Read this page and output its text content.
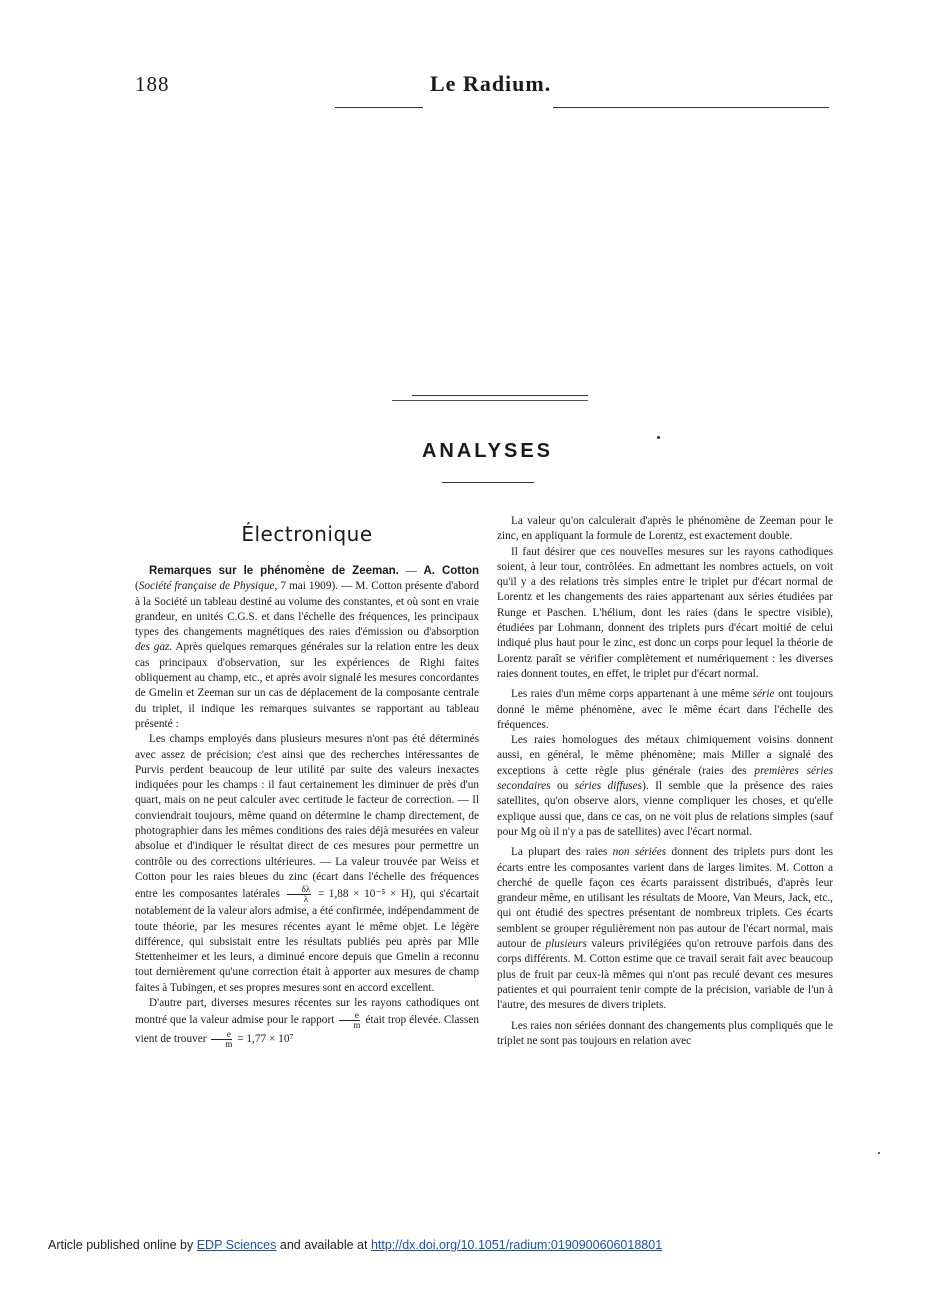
188	Le Radium.
ANALYSES
Électronique

Remarques sur le phénomène de Zeeman. — A. Cotton (Société française de Physique, 7 mai 1909). — M. Cotton présente d'abord à la Société un tableau destiné au volume des constantes, et où sont en vraie grandeur, en unités C.G.S. et dans l'échelle des fréquences, les principaux types des changements magnétiques des raies d'émission ou d'absorption des gaz. Après quelques remarques générales sur la relation entre les deux cas principaux d'observation, sur les expériences de Righi faites obliquement au champ, etc., et après avoir signalé les mesures concordantes de Gmelin et Zeeman sur un cas de déplacement de la composante centrale du triplet, il indique les remarques suivantes se rapportant au tableau présenté :

Les champs employés dans plusieurs mesures n'ont pas été déterminés avec assez de précision; c'est ainsi que des recherches intéressantes de Purvis perdent beaucoup de leur utilité par suite des valeurs inexactes indiquées pour les champs : il faut certainement les diminuer de près d'un quart, mais on ne peut calculer avec certitude le facteur de correction. — Il conviendrait toujours, même quand on détermine le champ directement, de photographier dans les mêmes conditions des raies déjà mesurées en valeur absolue et d'indiquer le résultat direct de ces mesures pour permettre un contrôle ou des corrections ultérieures. — La valeur trouvée par Weiss et Cotton pour les raies bleues du zinc (écart dans l'échelle des fréquences entre les composantes latérales $\frac{\delta\lambda}{\lambda} = 1,88 \times 10^{-5} \times H$), qui s'écartait notablement de la valeur alors admise, a été confirmée, indépendamment de toute théorie, par les mesures récentes ayant le même objet. Le légère différence, qui subsistait entre les résultats publiés peu après par Mlle Stettenheimer et les leurs, a diminué encore depuis que Gmelin a reconnu tout dernièrement qu'une correction était à apporter aux mesures de champ faites à Tubingen, et ses propres mesures sont en accord excellent.

D'autre part, diverses mesures récentes sur les rayons cathodiques ont montré que la valeur admise pour le rapport $\frac{e}{m}$ était trop élevée. Classen vient de trouver $\frac{e}{m} = 1,77 \times 10^7$

La valeur qu'on calculerait d'après le phénomène de Zeeman pour le zinc, en appliquant la formule de Lorentz, est exactement double.

Il faut désirer que ces nouvelles mesures sur les rayons cathodiques soient, à leur tour, contrôlées. En admettant les nombres actuels, on voit qu'il y a des relations très simples entre le triplet pur d'écart normal de Lorentz et les changements des raies appartenant aux séries étudiées par Runge et Paschen. L'hélium, dont les raies (dans le spectre visible), étudiées par Lohmann, donnent des triplets purs d'écart moitié de celui indiqué plus haut pour le zinc, est donc un corps pour lequel la théorie de Lorentz paraît se vérifier complètement et numériquement : les diverses raies donnent toutes, en effet, le triplet pur d'écart normal.

Les raies d'un même corps appartenant à une même série ont toujours donné le même phénomène, avec le même écart dans l'échelle des fréquences.

Les raies homologues des métaux chimiquement voisins donnent aussi, en général, le même phénomène; mais Miller a signalé des exceptions à cette règle plus générale (raies des premières séries secondaires ou séries diffuses). Il semble que la présence des raies satellites, qu'on observe alors, vienne compliquer les choses, et qu'elle explique aussi que, dans ce cas, on ne voit plus de relations simples (sauf pour Mg où il n'y a pas de satellites) avec l'écart normal.

La plupart des raies non sériées donnent des triplets purs dont les écarts entre les composantes varient dans de larges limites. M. Cotton a cherché de quelle façon ces écarts paraissent distribués, d'après leur grandeur même, en utilisant les résultats de Moore, Van Meurs, Jack, etc., qui ont étudié des spectres présentant de nombreux triplets. Ces écarts semblent se grouper régulièrement non pas autour de l'écart normal, mais autour de plusieurs valeurs privilégiées qu'on retrouve parfois dans des corps différents. M. Cotton estime que ce travail serait fait avec beaucoup plus de fruit par ceux-là mêmes qui n'ont pas reculé devant ces mesures patientes et qui pourraient tenir compte de la précision, variable de l'un à l'autre, des mesures de divers triplets.

Les raies non sériées donnant des changements plus compliqués que le triplet ne sont pas toujours en relation avec

Article published online by EDP Sciences and available at http://dx.doi.org/10.1051/radium:0190900606018801
